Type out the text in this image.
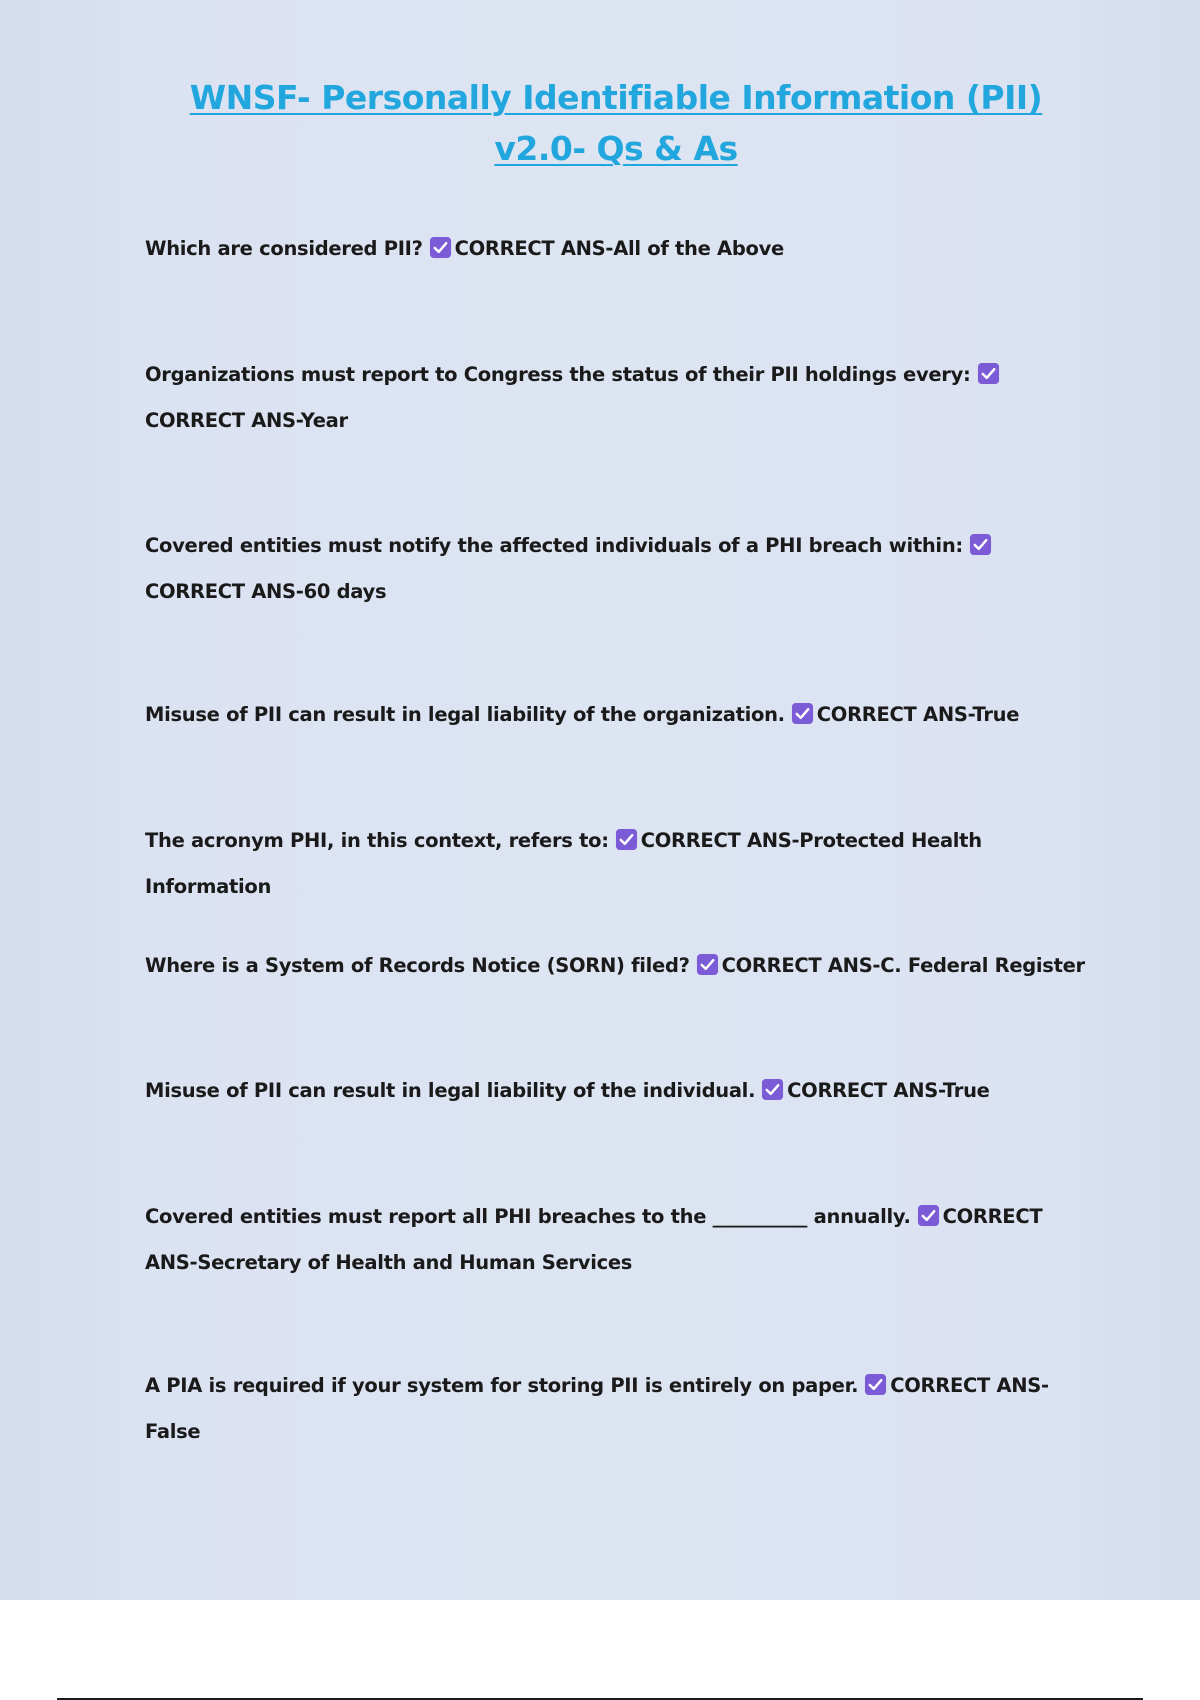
WNSF- Personally Identifiable Information (PII) v2.0- Qs & As
Which are considered PII? CORRECT ANS-All of the Above
Organizations must report to Congress the status of their PII holdings every:CORRECT ANS-Year
Covered entities must notify the affected individuals of a PHI breach within:CORRECT ANS-60 days
Misuse of PII can result in legal liability of the organization. CORRECT ANS-True
The acronym PHI, in this context, refers to: CORRECT ANS-Protected Health Information
Where is a System of Records Notice (SORN) filed? CORRECT ANS-C. Federal Register
Misuse of PII can result in legal liability of the individual. CORRECT ANS-True
Covered entities must report all PHI breaches to the __________ annually. CORRECT ANS-Secretary of Health and Human Services
A PIA is required if your system for storing PII is entirely on paper. CORRECT ANS-False
